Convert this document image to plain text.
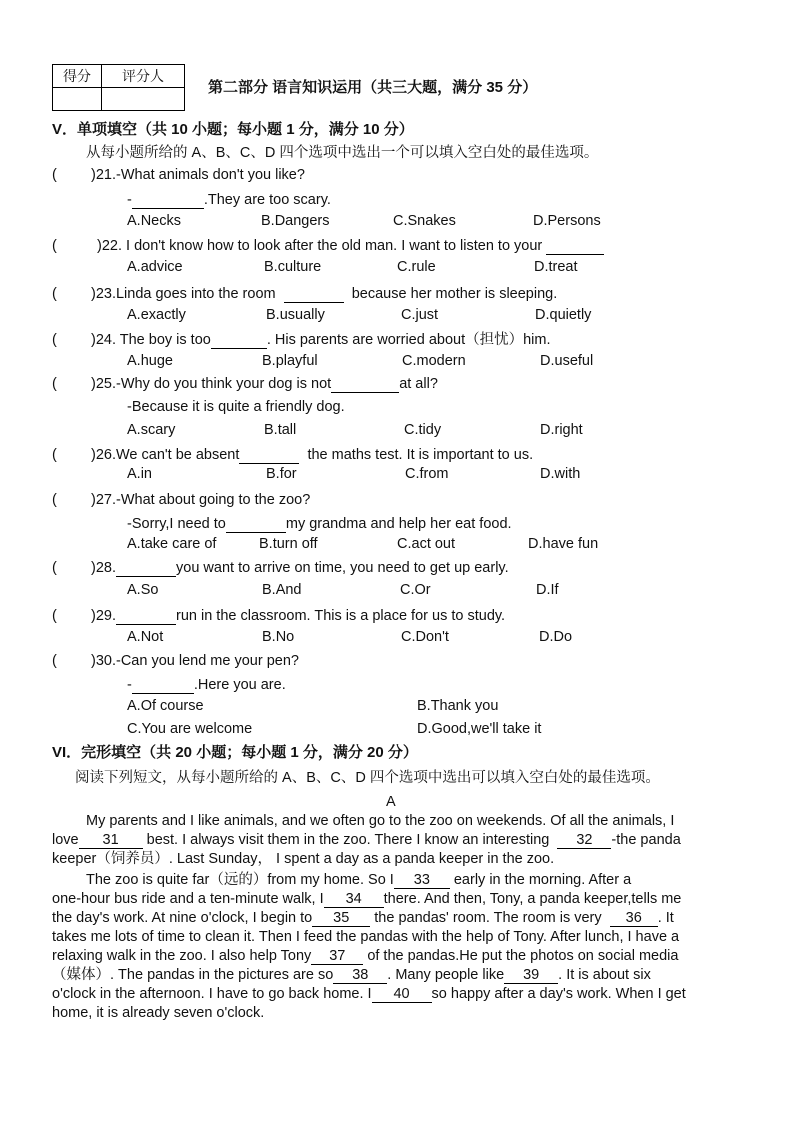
得分	评分人

第二部分 语言知识运用（共三大题，满分 35 分）
V．单项填空（共 10 小题；每小题 1 分，满分 10 分）
从每小题所给的 A、B、C、D 四个选项中选出一个可以填入空白处的最佳选项。
( )21.-What animals don't you like?
-	.They are too scary.
A.Necks	B.Dangers	C.Snakes	D.Persons
(	)22. I don't know how to look after the old man. I want to listen to your
A.advice	B.culture	C.rule	D.treat
( )23.Linda goes into the room	because her mother is sleeping.
A.exactly	B.usually	C.just	D.quietly
( )24. The boy is too	. His parents are worried about（担忧）him.
A.huge	B.playful	C.modern	D.useful
( )25.-Why do you think your dog is not	at all?
-Because it is quite a friendly dog.
A.scary	B.tall	C.tidy	D.right
( )26.We can't be absent	the maths test. It is important to us.
A.in	B.for	C.from	D.with
( )27.-What about going to the zoo?
-Sorry,I need to	my grandma and help her eat food.
A.take care of	B.turn off	C.act out	D.have fun
( )28.	you want to arrive on time, you need to get up early.
A.So	B.And	C.Or	D.If
( )29.	run in the classroom. This is a place for us to study.
A.Not	B.No	C.Don't	D.Do
( )30.-Can you lend me your pen?
-	.Here you are.
A.Of course	B.Thank you
C.You are welcome	D.Good,we'll take it
VI．完形填空（共 20 小题；每小题 1 分，满分 20 分）
阅读下列短文，从每小题所给的 A、B、C、D 四个选项中选出可以填入空白处的最佳选项。
A
My parents and I like animals, and we often go to the zoo on weekends. Of all the animals, I
love 31 best. I always visit them in the zoo. There I know an interesting 32 -the panda
keeper（饲养员）. Last Sunday， I spent a day as a panda keeper in the zoo.
The zoo is quite far（远的）from my home. So I 33 early in the morning. After a
one-hour bus ride and a ten-minute walk, I 34 there. And then, Tony, a panda keeper,tells me
the day's work. At nine o'clock, I begin to 35 the pandas' room. The room is very 36 . It
takes me lots of time to clean it. Then I feed the pandas with the help of Tony. After lunch, I have a
relaxing walk in the zoo. I also help Tony 37 of the pandas.He put the photos on social media
（媒体）. The pandas in the pictures are so 38 . Many people like 39 . It is about six
o'clock in the afternoon. I have to go back home. I 40 so happy after a day's work. When I get
home, it is already seven o'clock.
